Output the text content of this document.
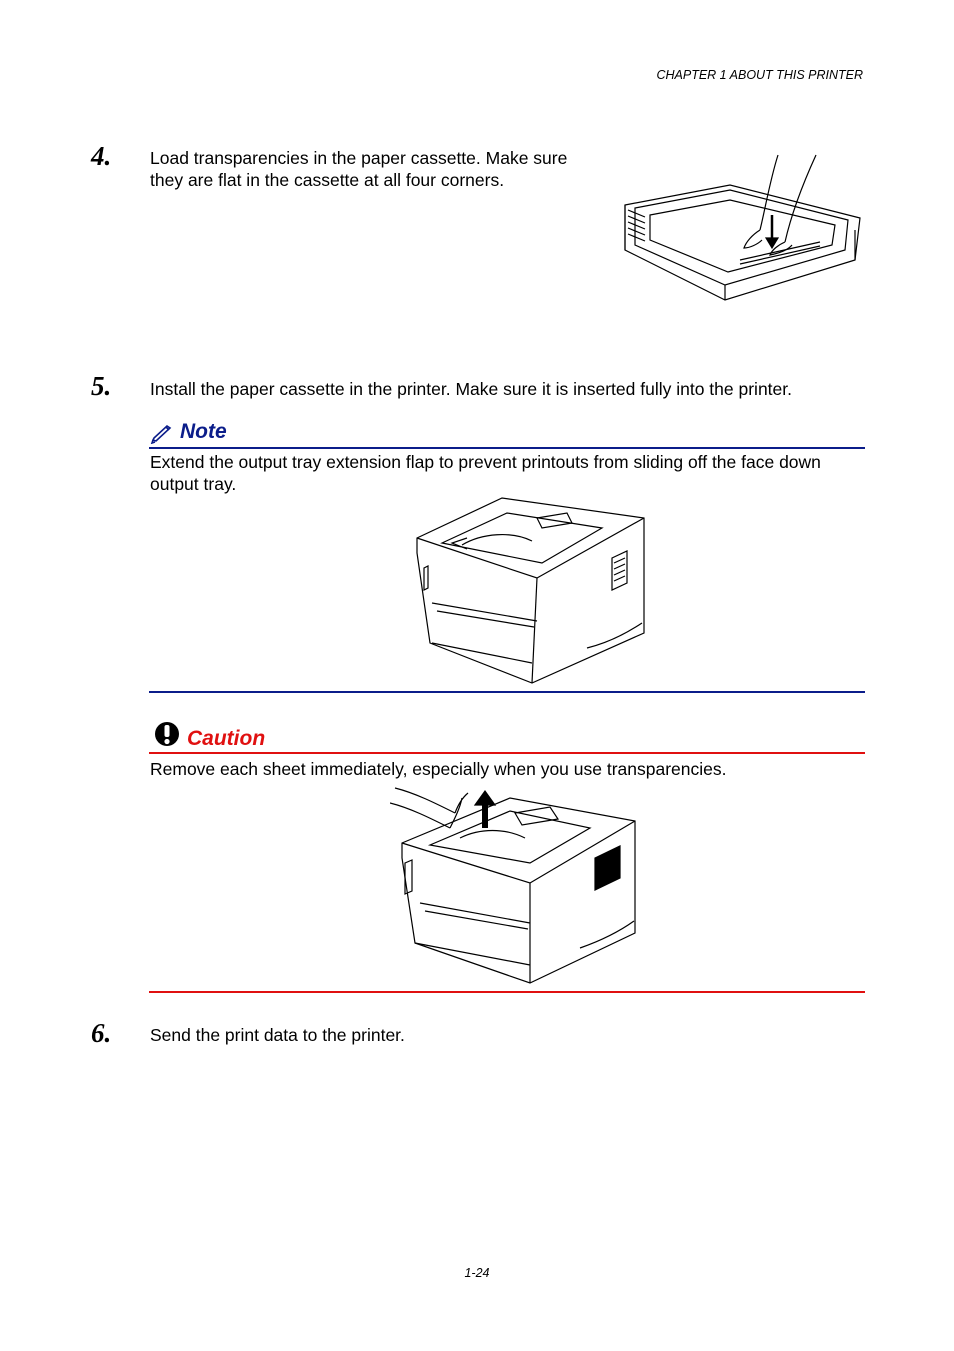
CHAPTER 1 ABOUT THIS PRINTER
4. Load transparencies in the paper cassette. Make sure they are flat in the cassette at all four corners.
5. Install the paper cassette in the printer. Make sure it is inserted fully into the printer.
Note
Extend the output tray extension flap to prevent printouts from sliding off the face down output tray.
Caution
Remove each sheet immediately, especially when you use transparencies.
6. Send the print data to the printer.
1-24
